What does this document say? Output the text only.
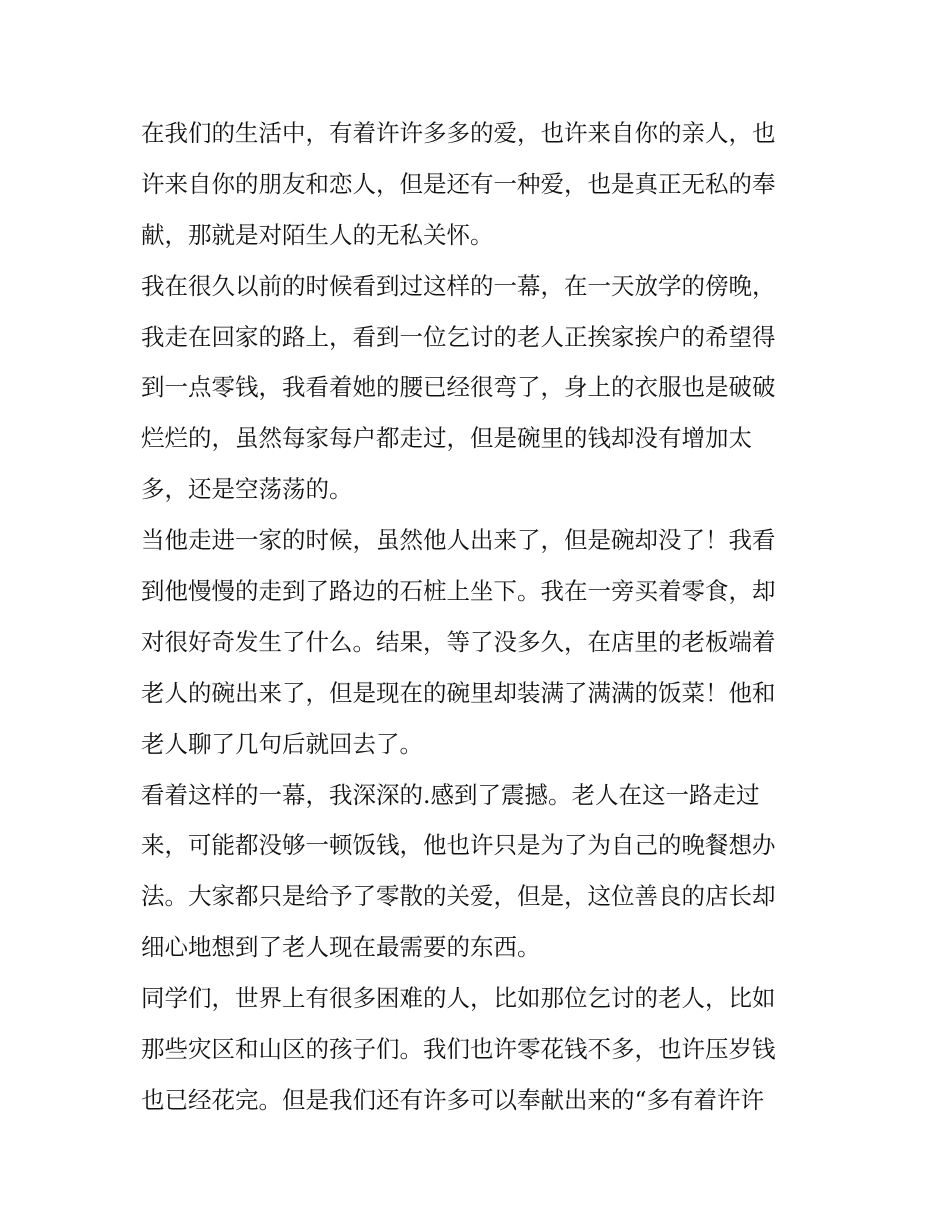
在我们的生活中，有着许许多多的爱，也许来自你的亲人，也
许来自你的朋友和恋人，但是还有一种爱，也是真正无私的奉
献，那就是对陌生人的无私关怀。
我在很久以前的时候看到过这样的一幕，在一天放学的傍晚，
我走在回家的路上，看到一位乞讨的老人正挨家挨户的希望得
到一点零钱，我看着她的腰已经很弯了，身上的衣服也是破破
烂烂的，虽然每家每户都走过，但是碗里的钱却没有增加太
多，还是空荡荡的。
当他走进一家的时候，虽然他人出来了，但是碗却没了！我看
到他慢慢的走到了路边的石桩上坐下。我在一旁买着零食，却
对很好奇发生了什么。结果，等了没多久，在店里的老板端着
老人的碗出来了，但是现在的碗里却装满了满满的饭菜！他和
老人聊了几句后就回去了。
看着这样的一幕，我深深的.感到了震撼。老人在这一路走过
来，可能都没够一顿饭钱，他也许只是为了为自己的晚餐想办
法。大家都只是给予了零散的关爱，但是，这位善良的店长却
细心地想到了老人现在最需要的东西。
同学们，世界上有很多困难的人，比如那位乞讨的老人，比如
那些灾区和山区的孩子们。我们也许零花钱不多，也许压岁钱
也已经花完。但是我们还有许多可以奉献出来的“多有着许许
